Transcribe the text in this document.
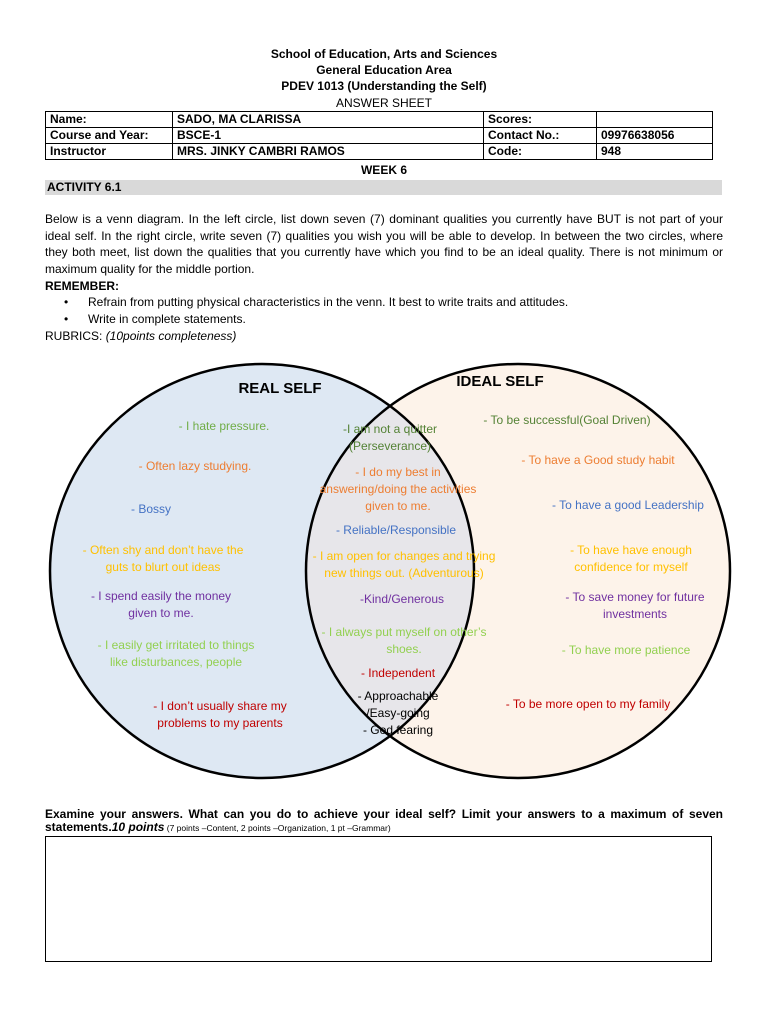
School of Education, Arts and Sciences
General Education Area
PDEV 1013 (Understanding the Self)
ANSWER SHEET
Name:	SADO, MA CLARISSA	Scores:	
Course and Year:	BSCE-1	Contact No.:	09976638056
Instructor	MRS. JINKY CAMBRI RAMOS	Code:	948
WEEK 6
ACTIVITY 6.1
Below is a venn diagram. In the left circle, list down seven (7) dominant qualities you currently have BUT is not part of your ideal self. In the right circle, write seven (7) qualities you wish you will be able to develop. In between the two circles, where they both meet, list down the qualities that you currently have which you find to be an ideal quality. There is not minimum or maximum quality for the middle portion.
REMEMBER:
• Refrain from putting physical characteristics in the venn. It best to write traits and attitudes.
• Write in complete statements.
RUBRICS: (10points completeness)
REAL SELF	IDEAL SELF
- I hate pressure.
- Often lazy studying.
- Bossy
- Often shy and don’t have the
guts to blurt out ideas
- I spend easily the money
given to me.
- I easily get irritated to things
like disturbances, people
- I don’t usually share my
problems to my parents
-I am not a quitter
(Perseverance)
- I do my best in
answering/doing the activities
given to me.
- Reliable/Responsible
- I am open for changes and trying
new things out. (Adventurous)
-Kind/Generous
- I always put myself on other’s
shoes.
- Independent
- Approachable
/Easy-going
- God fearing
- To be successful(Goal Driven)
- To have a Good study habit
- To have a good Leadership
- To have have enough
confidence for myself
- To save money for future
investments
- To have more patience
- To be more open to my family
Examine your answers. What can you do to achieve your ideal self? Limit your answers to a maximum of seven statements.10 points (7 points –Content, 2 points –Organization, 1 pt –Grammar)
